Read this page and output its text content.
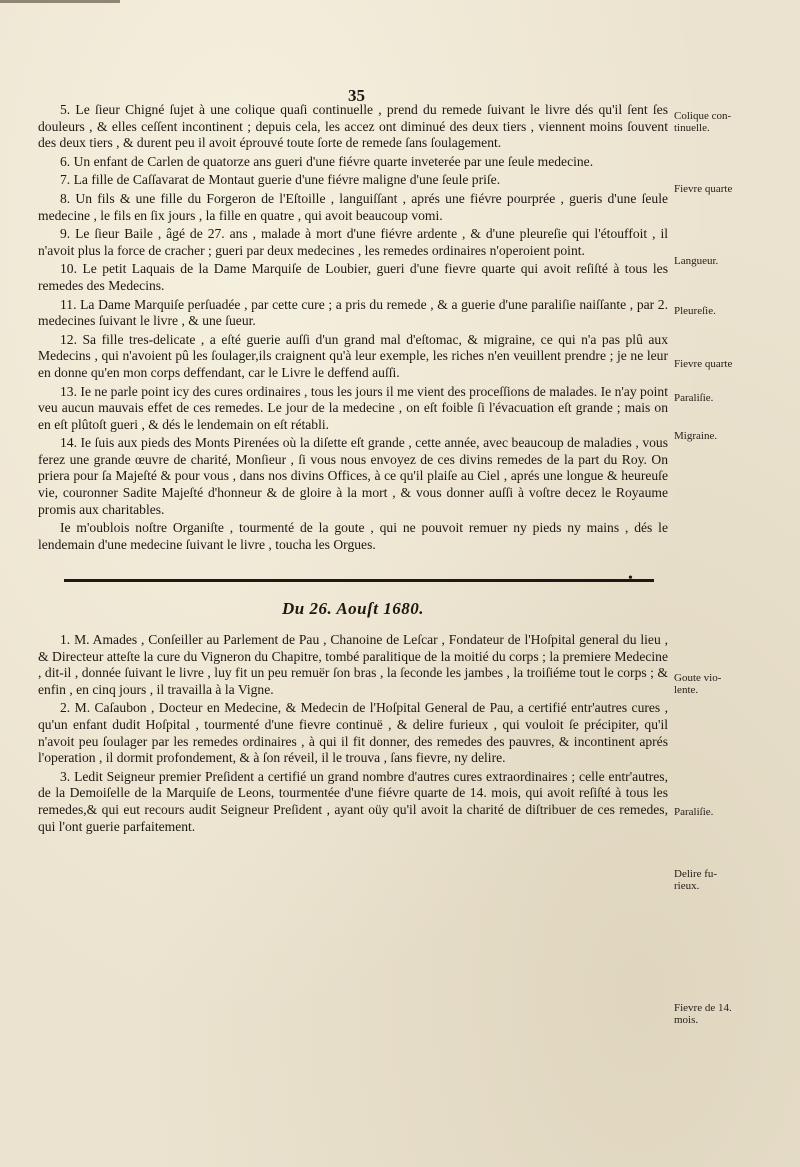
35

5. Le ſieur Chigné ſujet à une colique quaſi continuelle , prend du remede ſuivant le livre dés qu'il ſent ſes douleurs , & elles ceſſent incontinent ; depuis cela, les accez ont diminué des deux tiers , viennent moins ſouvent des deux tiers , & durent peu il avoit éprouvé toute ſorte de remede ſans ſoulagement.

6. Un enfant de Carlen de quatorze ans gueri d'une fiévre quarte inveterée par une ſeule medecine.

7. La fille de Caſſavarat de Montaut guerie d'une fiévre maligne d'une ſeule priſe.

8. Un fils & une fille du Forgeron de l'Eſtoille , languiſſant , aprés une fiévre pourprée , gueris d'une ſeule medecine , le fils en ſix jours , la fille en quatre , qui avoit beaucoup vomi.

9. Le ſieur Baile , âgé de 27. ans , malade à mort d'une fiévre ardente , & d'une pleureſie qui l'étouffoit , il n'avoit plus la force de cracher ; gueri par deux medecines , les remedes ordinaires n'operoient point.

10. Le petit Laquais de la Dame Marquiſe de Loubier, gueri d'une fievre quarte qui avoit reſiſté à tous les remedes des Medecins.

11. La Dame Marquiſe perſuadée , par cette cure ; a pris du remede , & a guerie d'une paraliſie naiſſante , par 2. medecines ſuivant le livre , & une ſueur.

12. Sa fille tres-delicate , a eſté guerie auſſi d'un grand mal d'eſtomac, & migraine, ce qui n'a pas plû aux Medecins , qui n'avoient pû les ſoulager,ils craignent qu'à leur exemple, les riches n'en veuillent prendre ; je ne leur en donne qu'en mon corps deffendant, car le Livre le deffend auſſi.

13. Ie ne parle point icy des cures ordinaires , tous les jours il me vient des proceſſions de malades. Ie n'ay point veu aucun mauvais effet de ces remedes. Le jour de la medecine , on eſt foible ſi l'évacuation eſt grande ; mais on en eſt plûtoſt gueri , & dés le lendemain on eſt rétabli.

14. Ie ſuis aux pieds des Monts Pirenées où la diſette eſt grande , cette année, avec beaucoup de maladies , vous ferez une grande œuvre de charité, Monſieur , ſi vous nous envoyez de ces divins remedes de la part du Roy. On priera pour ſa Majeſté & pour vous , dans nos divins Offices, à ce qu'il plaiſe au Ciel , aprés une longue & heureuſe vie, couronner Sadite Majeſté d'honneur & de gloire à la mort , & vous donner auſſi à voſtre decez le Royaume promis aux charitables.

Ie m'oublois noſtre Organiſte , tourmenté de la goute , qui ne pouvoit remuer ny pieds ny mains , dés le lendemain d'une medecine ſuivant le livre , toucha les Orgues.

•
Du 26. Aouſt 1680.

1. M. Amades , Conſeiller au Parlement de Pau , Chanoine de Leſcar , Fondateur de l'Hoſpital general du lieu , & Directeur atteſte la cure du Vigneron du Chapitre, tombé paralitique de la moitié du corps ; la premiere Medecine , dit-il , donnée ſuivant le livre , luy fit un peu remuër ſon bras , la ſeconde les jambes , la troiſiéme tout le corps ; & enfin , en cinq jours , il travailla à la Vigne.

2. M. Caſaubon , Docteur en Medecine, & Medecin de l'Hoſpital General de Pau, a certifié entr'autres cures , qu'un enfant dudit Hoſpital , tourmenté d'une fievre continuë , & delire furieux , qui vouloit ſe précipiter, qu'il n'avoit peu ſoulager par les remedes ordinaires , à qui il fit donner, des remedes des pauvres, & incontinent aprés l'operation , il dormit profondement, & à ſon réveil, il le trouva , ſans fievre, ny delire.

3. Ledit Seigneur premier Preſident a certifié un grand nombre d'autres cures extraordinaires ; celle entr'autres, de la Demoiſelle de la Marquiſe de Leons, tourmentée d'une fiévre quarte de 14. mois, qui avoit reſiſté à tous les remedes,& qui eut recours audit Seigneur Preſident , ayant oüy qu'il avoit la charité de diſtribuer de ces remedes, qui l'ont guerie parfaitement.

Colique con-
tinuelle.
Fievre quarte
Langueur.
Pleureſie.
Fievre quarte
Paraliſie.
Migraine.
Goute vio-
lente.
Paraliſie.
Delire fu-
rieux.
Fievre de 14.
mois.
